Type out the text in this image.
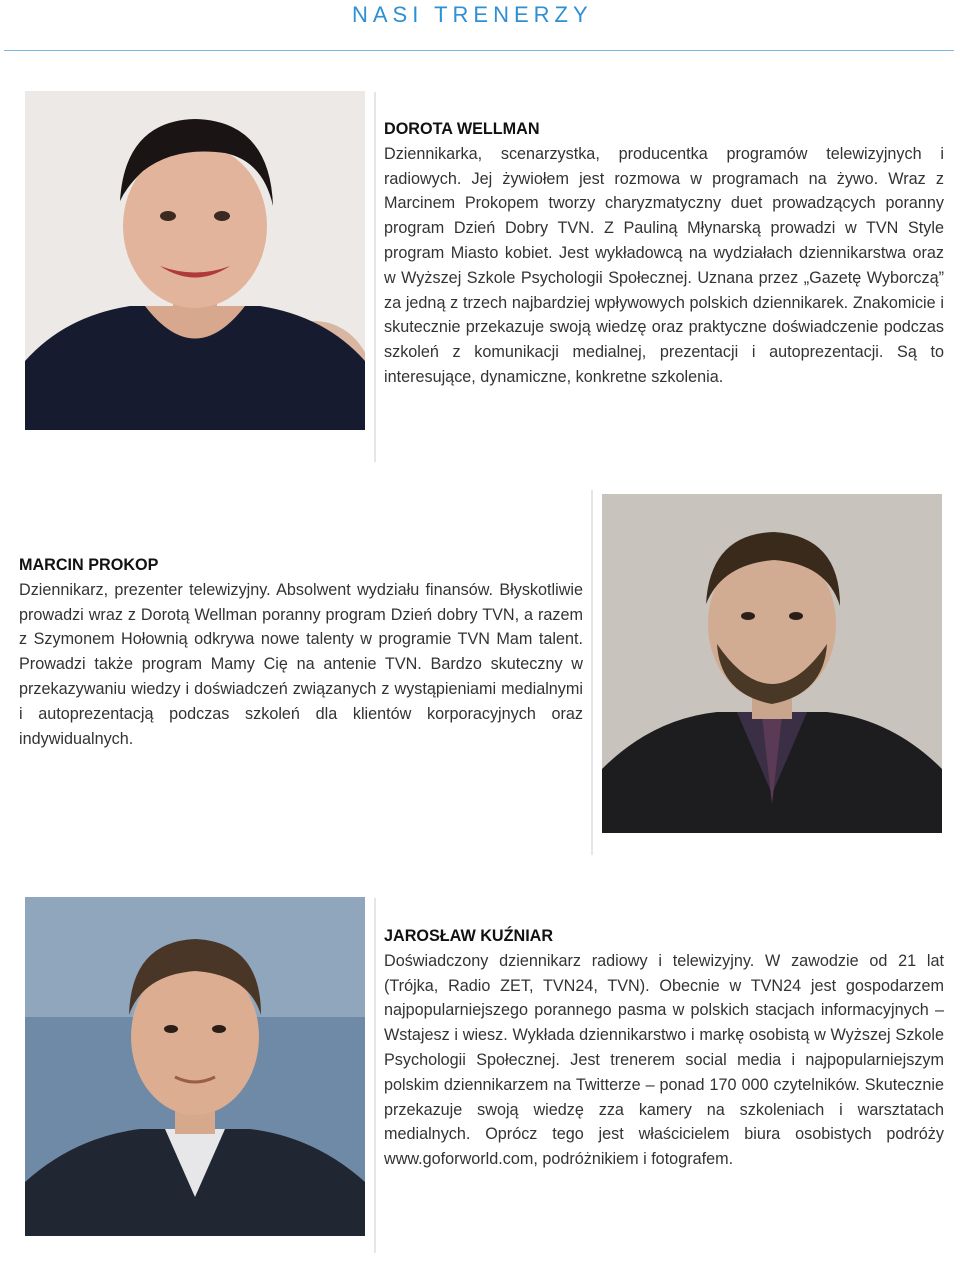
NASI TRENERZY
DOROTA WELLMAN
Dziennikarka, scenarzystka, producentka programów telewizyjnych i radiowych. Jej żywiołem jest rozmowa w programach na żywo. Wraz z Marcinem Prokopem tworzy charyzmatyczny duet prowadzących poranny program Dzień Dobry TVN. Z Pauliną Młynarską prowadzi w TVN Style program Miasto kobiet. Jest wykładowcą na wydziałach dziennikarstwa oraz w Wyższej Szkole Psychologii Społecznej. Uznana przez „Gazetę Wyborczą” za jedną z trzech najbardziej wpływowych polskich dziennikarek. Znakomicie i skutecznie przekazuje swoją wiedzę oraz praktyczne doświadczenie podczas szkoleń z komunikacji medialnej, prezentacji i autoprezentacji. Są to interesujące, dynamiczne, konkretne szkolenia.
MARCIN PROKOP
Dziennikarz, prezenter telewizyjny. Absolwent wydziału finansów. Błyskotliwie prowadzi wraz z Dorotą Wellman poranny program Dzień dobry TVN, a razem z Szymonem Hołownią odkrywa nowe talenty w programie TVN Mam talent. Prowadzi także program Mamy Cię na antenie TVN. Bardzo skuteczny w przekazywaniu wiedzy i doświadczeń związanych z wystąpieniami medialnymi i autoprezentacją podczas szkoleń dla klientów korporacyjnych oraz indywidualnych.
JAROSŁAW KUŹNIAR
Doświadczony dziennikarz radiowy i telewizyjny. W zawodzie od 21 lat (Trójka, Radio ZET, TVN24, TVN). Obecnie w TVN24 jest gospodarzem najpopularniejszego porannego pasma w polskich stacjach informacyjnych – Wstajesz i wiesz. Wykłada dziennikarstwo i markę osobistą w Wyższej Szkole Psychologii Społecznej. Jest trenerem social media i najpopularniejszym polskim dziennikarzem na Twitterze – ponad 170 000 czytelników. Skutecznie przekazuje swoją wiedzę zza kamery na szkoleniach i warsztatach medialnych. Oprócz tego jest właścicielem biura osobistych podróży www.goforworld.com, podróżnikiem i fotografem.
